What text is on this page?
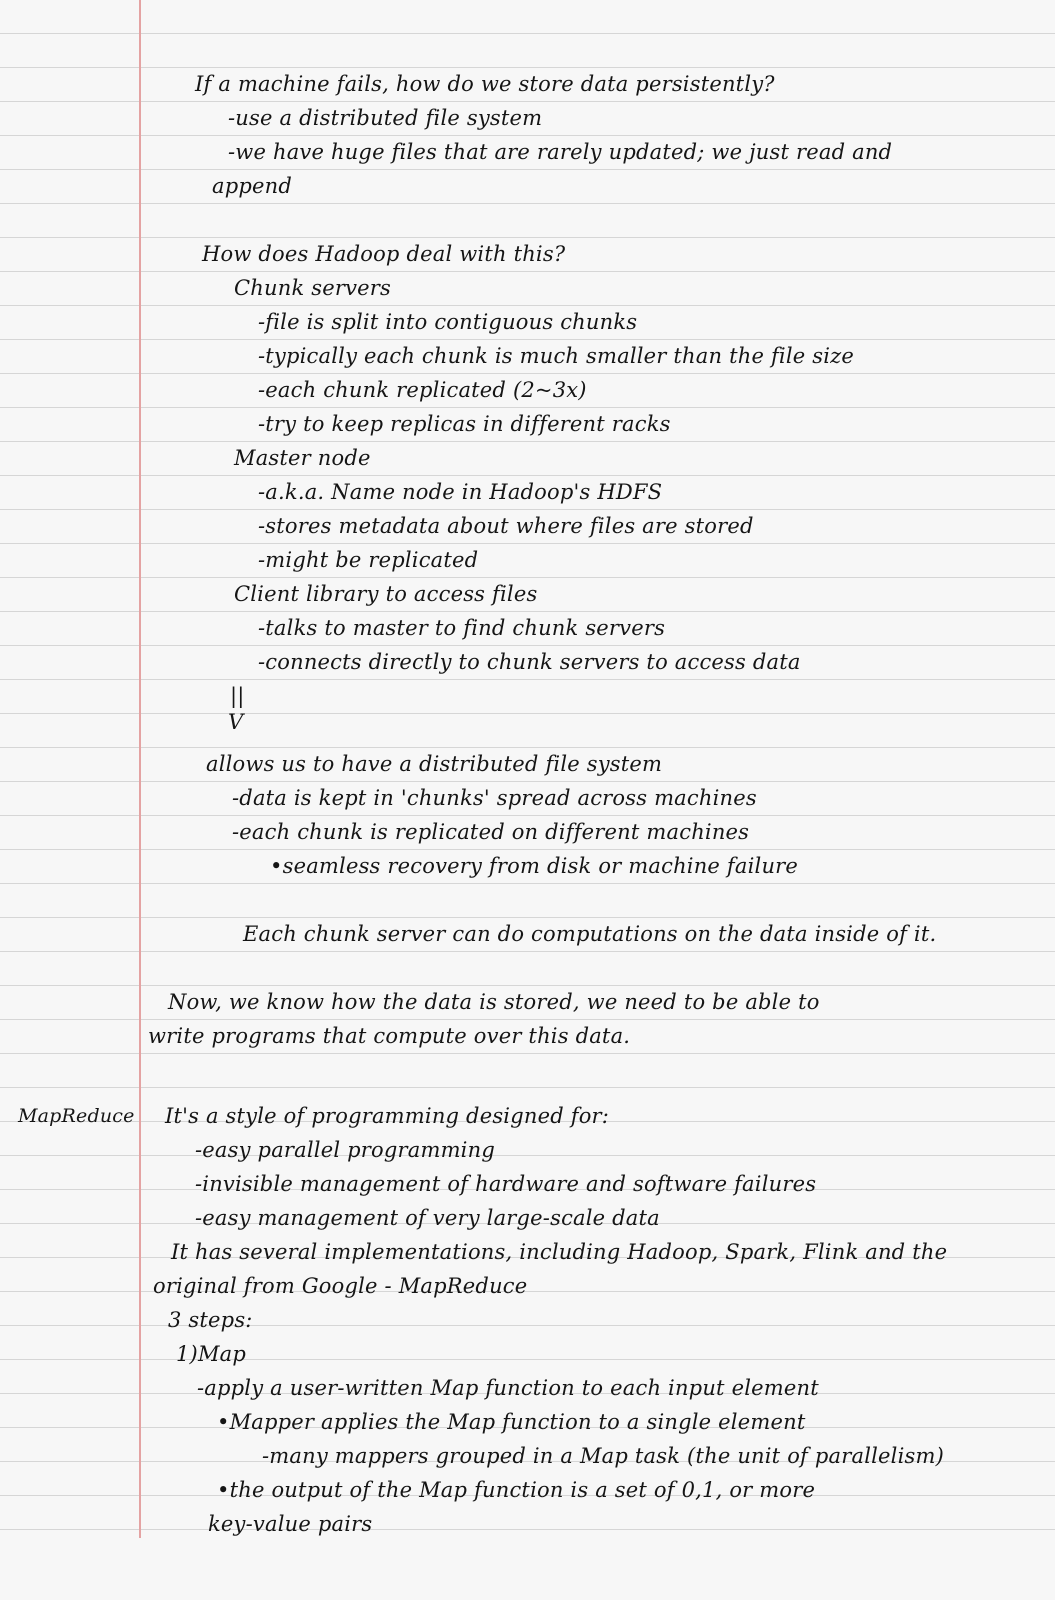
MapReduce
If a machine fails, how do we store data persistently?
-use a distributed file system
-we have huge files that are rarely updated; we just read and
append
How does Hadoop deal with this?
Chunk servers
-file is split into contiguous chunks
-typically each chunk is much smaller than the file size
-each chunk replicated (2~3x)
-try to keep replicas in different racks
Master node
-a.k.a. Name node in Hadoop's HDFS
-stores metadata about where files are stored
-might be replicated
Client library to access files
-talks to master to find chunk servers
-connects directly to chunk servers to access data
||
V
allows us to have a distributed file system
-data is kept in 'chunks' spread across machines
-each chunk is replicated on different machines
•seamless recovery from disk or machine failure
Each chunk server can do computations on the data inside of it.
Now, we know how the data is stored, we need to be able to
write programs that compute over this data.
It's a style of programming designed for:
-easy parallel programming
-invisible management of hardware and software failures
-easy management of very large-scale data
It has several implementations, including Hadoop, Spark, Flink and the
original from Google - MapReduce
3 steps:
1)Map
-apply a user-written Map function to each input element
•Mapper applies the Map function to a single element
-many mappers grouped in a Map task (the unit of parallelism)
•the output of the Map function is a set of 0,1, or more
key-value pairs
